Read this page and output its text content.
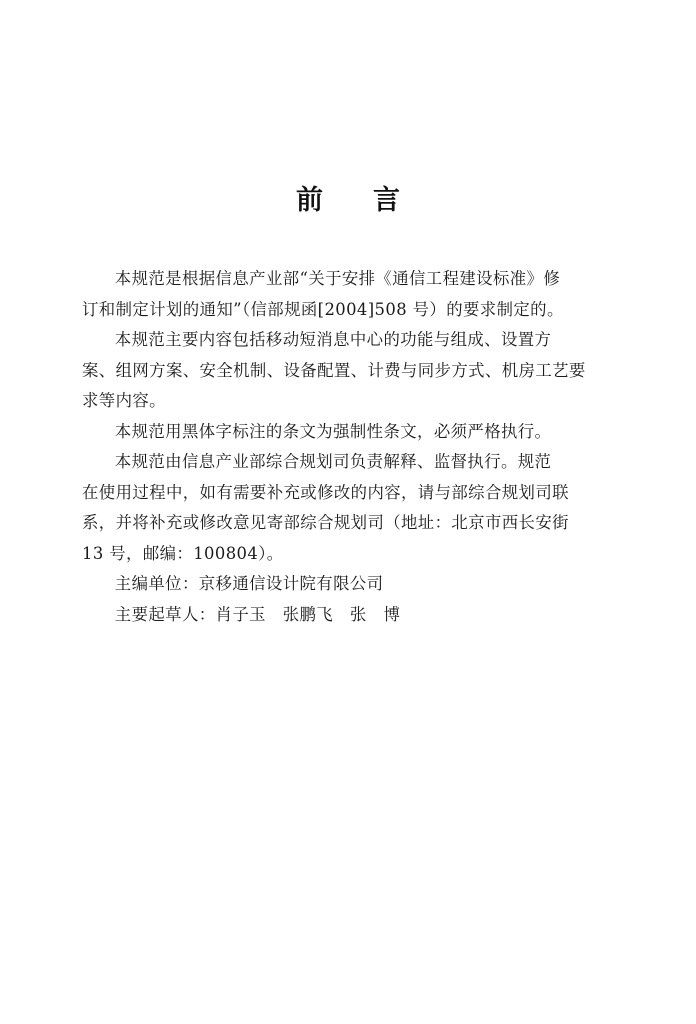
前言

本规范是根据信息产业部“关于安排《通信工程建设标准》修
订和制定计划的通知”（信部规函[2004]508 号）的要求制定的。

本规范主要内容包括移动短消息中心的功能与组成、设置方
案、组网方案、安全机制、设备配置、计费与同步方式、机房工艺要
求等内容。

本规范用黑体字标注的条文为强制性条文，必须严格执行。

本规范由信息产业部综合规划司负责解释、监督执行。规范
在使用过程中，如有需要补充或修改的内容，请与部综合规划司联
系，并将补充或修改意见寄部综合规划司（地址：北京市西长安街
13 号，邮编：100804）。

主编单位：京移通信设计院有限公司

主要起草人：肖子玉　张鹏飞　张　博
